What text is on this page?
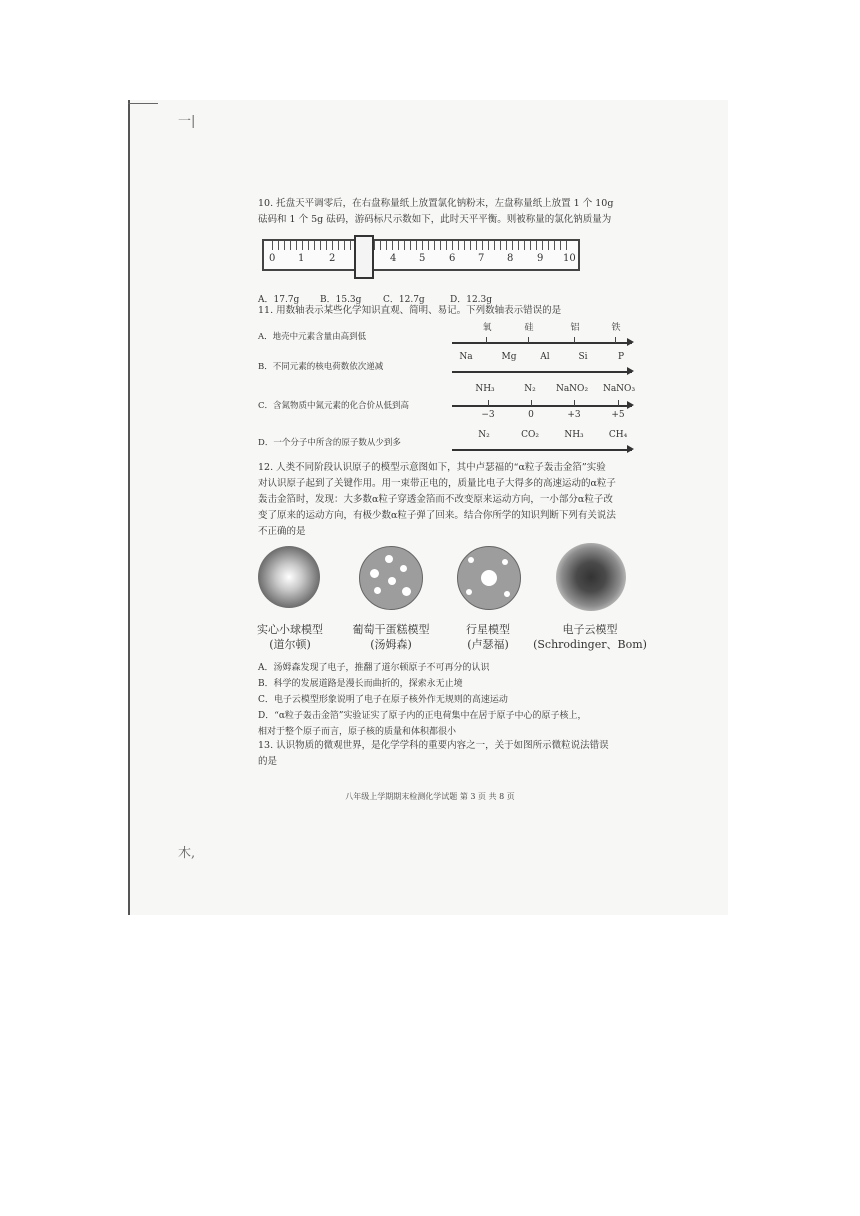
一|
木,
10. 托盘天平调零后，在右盘称量纸上放置氯化钠粉末，左盘称量纸上放置 1 个 10g
砝码和 1 个 5g 砝码，游码标尺示数如下，此时天平平衡。则被称量的氯化钠质量为
0 1 2	4 5 6 7 8 9 10
A．17.7g B．15.3g C．12.7g	D．12.3g
11. 用数轴表示某些化学知识直观、简明、易记。下列数轴表示错误的是
A．地壳中元素含量由高到低
氧	硅	铝	铁
B．不同元素的核电荷数依次递减
Na	Mg	Al	Si	P
NH₃	N₂ NaNO₂ NaNO₃
C．含氮物质中氮元素的化合价从低到高
−3	0	+3	+5
N₂	CO₂	NH₃	CH₄
D．一个分子中所含的原子数从少到多
12. 人类不同阶段认识原子的模型示意图如下，其中卢瑟福的“α粒子轰击金箔”实验
对认识原子起到了关键作用。用一束带正电的，质量比电子大得多的高速运动的α粒子
轰击金箔时，发现：大多数α粒子穿透金箔而不改变原来运动方向，一小部分α粒子改
变了原来的运动方向，有极少数α粒子弹了回来。结合你所学的知识判断下列有关说法
不正确的是
实心小球模型
(道尔顿)
葡萄干蛋糕模型
(汤姆森)
行星模型
(卢瑟福)
电子云模型
(Schrodinger、Bom)
A．汤姆森发现了电子，推翻了道尔顿原子不可再分的认识
B．科学的发展道路是漫长而曲折的，探索永无止境
C．电子云模型形象说明了电子在原子核外作无规则的高速运动
D．“α粒子轰击金箔”实验证实了原子内的正电荷集中在居于原子中心的原子核上，
相对于整个原子而言，原子核的质量和体积都很小
13. 认识物质的微观世界，是化学学科的重要内容之一，关于如图所示微粒说法错误
的是
八年级上学期期末检测化学试题 第 3 页 共 8 页
